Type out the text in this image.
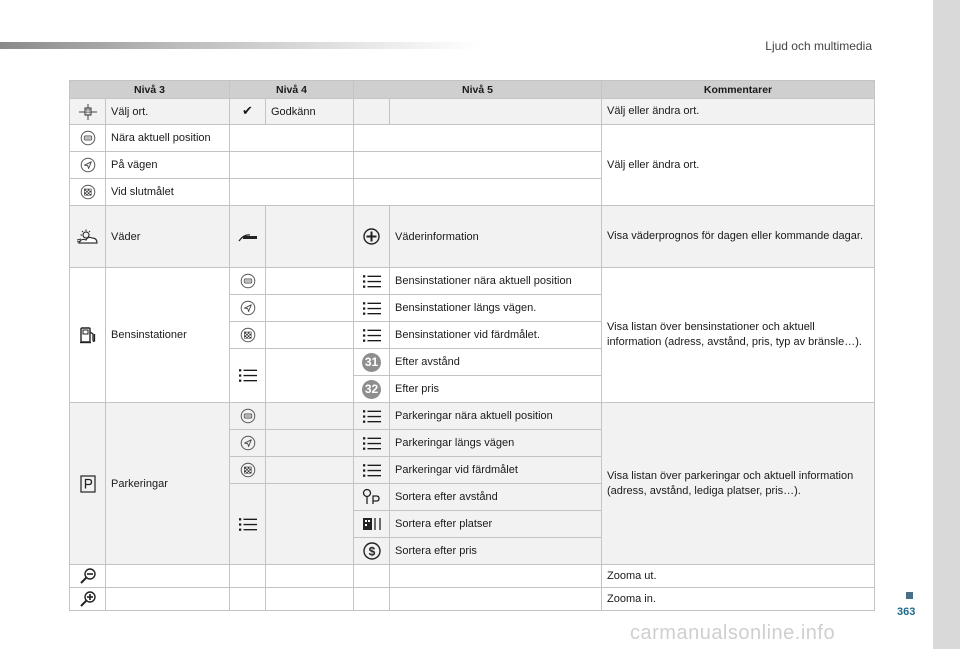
Ljud och multimedia
Nivå 3		Nivå 4		Nivå 5		Kommentarer

	Välj ort.	✔	Godkänn			Välj eller ändra ort.

	Nära aktuell position					Välj eller ändra ort.

	På vägen					

	Vid slutmålet					

	Väder				Väderinformation	Visa väderprognos för dagen eller kommande dagar.

	Bensinstationer				Bensinstationer nära aktuell position	Visa listan över bensinstationer och aktuell information (adress, avstånd, pris, typ av bränsle…).

	Bensinstationer längs vägen.	

	Bensinstationer vid färdmålet.	

		31	Efter avstånd	
				32	Efter pris	

	Parkeringar				Parkeringar nära aktuell position	Visa listan över parkeringar och aktuell information (adress, avstånd, lediga platser, pris…).

	Parkeringar längs vägen	

	Parkeringar vid färdmålet	

	Sortera efter avstånd	

	Sortera efter platser	

$	Sortera efter pris	

						Zooma ut.

						Zooma in.
363
carmanualsonline.info
